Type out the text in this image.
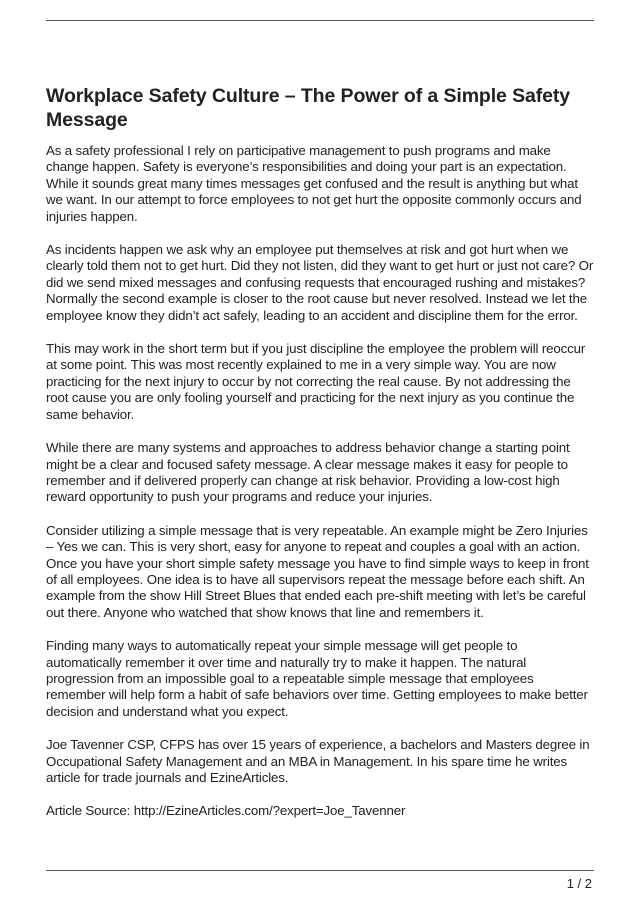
Workplace Safety Culture – The Power of a Simple Safety Message

As a safety professional I rely on participative management to push programs and make change happen. Safety is everyone’s responsibilities and doing your part is an expectation. While it sounds great many times messages get confused and the result is anything but what we want. In our attempt to force employees to not get hurt the opposite commonly occurs and injuries happen.

As incidents happen we ask why an employee put themselves at risk and got hurt when we clearly told them not to get hurt. Did they not listen, did they want to get hurt or just not care? Or did we send mixed messages and confusing requests that encouraged rushing and mistakes? Normally the second example is closer to the root cause but never resolved. Instead we let the employee know they didn’t act safely, leading to an accident and discipline them for the error.

This may work in the short term but if you just discipline the employee the problem will reoccur at some point. This was most recently explained to me in a very simple way. You are now practicing for the next injury to occur by not correcting the real cause. By not addressing the root cause you are only fooling yourself and practicing for the next injury as you continue the same behavior.

While there are many systems and approaches to address behavior change a starting point might be a clear and focused safety message. A clear message makes it easy for people to remember and if delivered properly can change at risk behavior. Providing a low-cost high reward opportunity to push your programs and reduce your injuries.

Consider utilizing a simple message that is very repeatable. An example might be Zero Injuries – Yes we can. This is very short, easy for anyone to repeat and couples a goal with an action. Once you have your short simple safety message you have to find simple ways to keep in front of all employees. One idea is to have all supervisors repeat the message before each shift. An example from the show Hill Street Blues that ended each pre-shift meeting with let’s be careful out there. Anyone who watched that show knows that line and remembers it.

Finding many ways to automatically repeat your simple message will get people to automatically remember it over time and naturally try to make it happen. The natural progression from an impossible goal to a repeatable simple message that employees remember will help form a habit of safe behaviors over time. Getting employees to make better decision and understand what you expect.

Joe Tavenner CSP, CFPS has over 15 years of experience, a bachelors and Masters degree in Occupational Safety Management and an MBA in Management. In his spare time he writes article for trade journals and EzineArticles.

Article Source: http://EzineArticles.com/?expert=Joe_Tavenner

1 / 2
